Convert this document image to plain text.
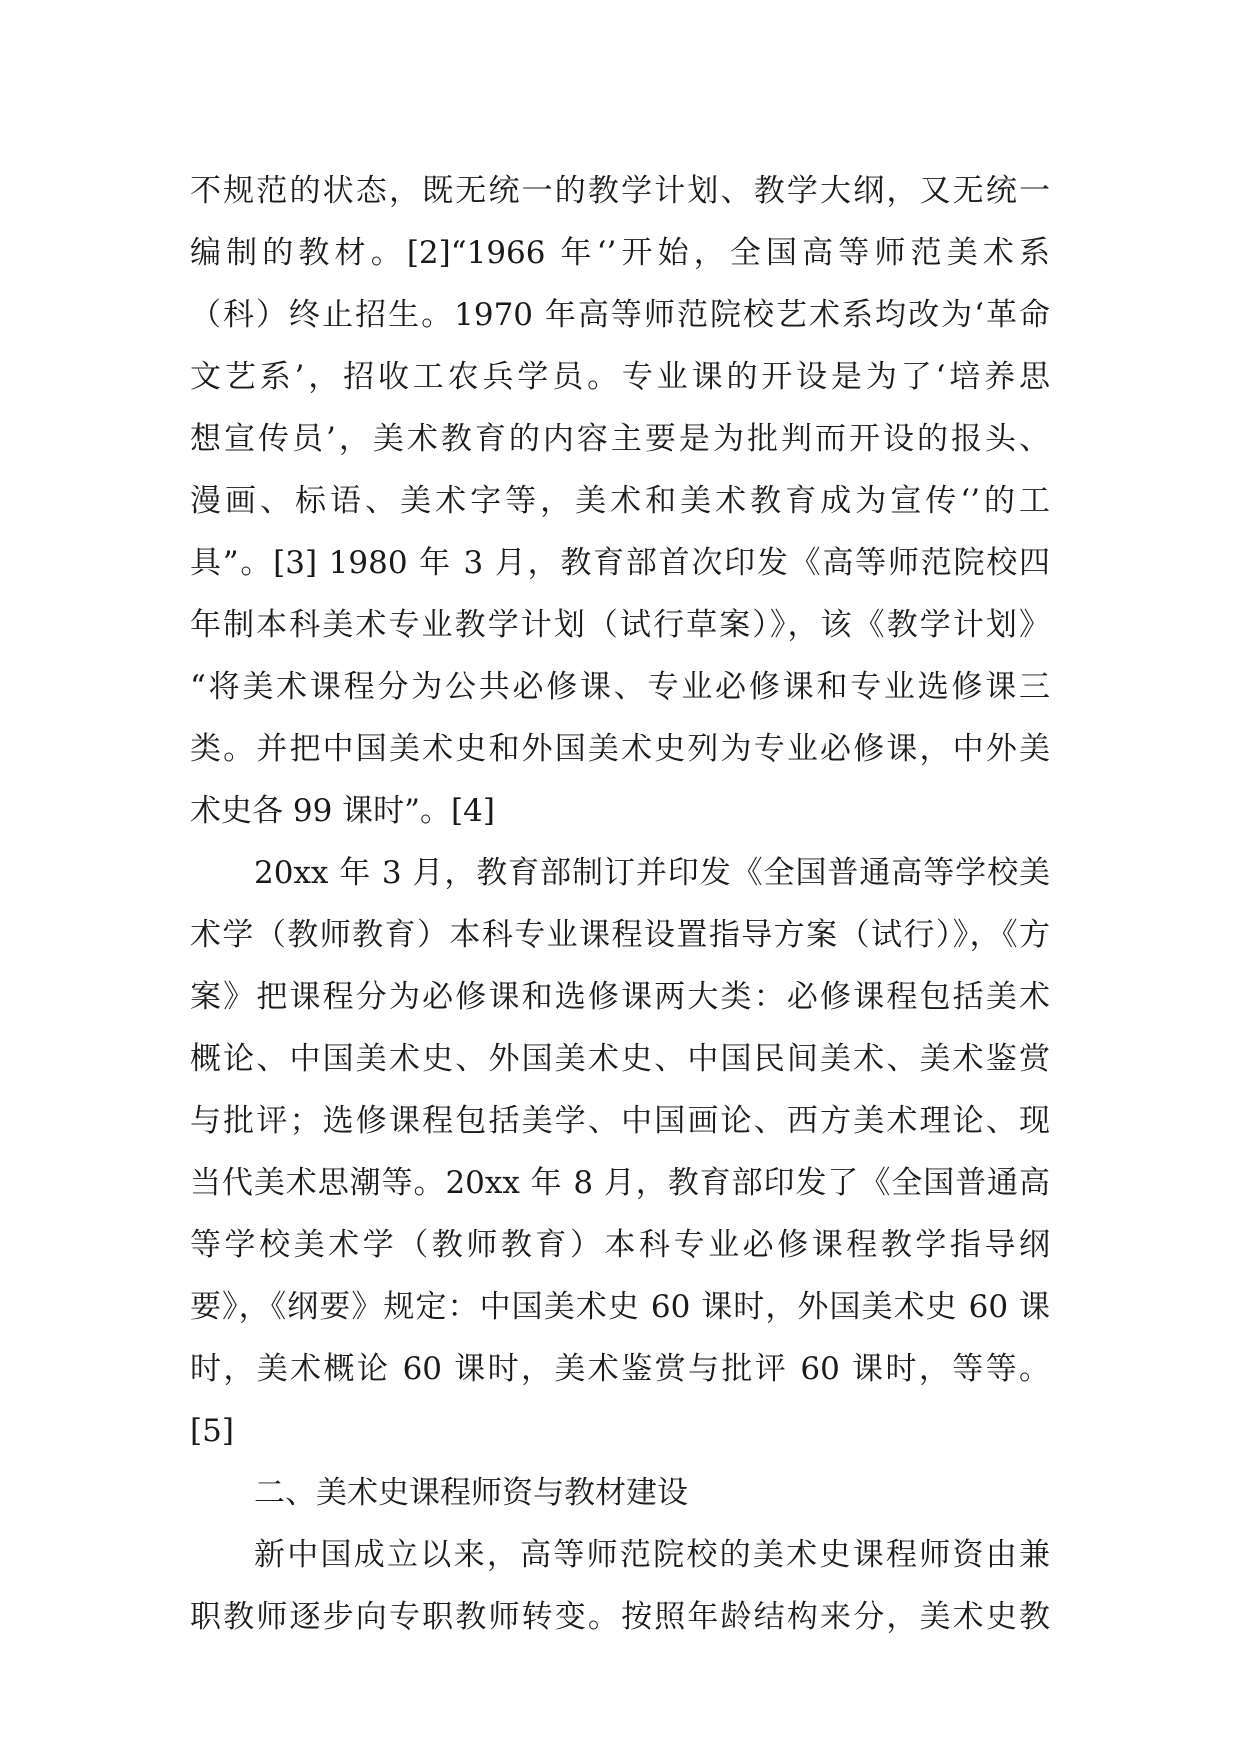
不规范的状态，既无统一的教学计划、教学大纲，又无统一
编制的教材。[2]“1966 年‘’开始，全国高等师范美术系
（科）终止招生。1970 年高等师范院校艺术系均改为‘革命
文艺系’，招收工农兵学员。专业课的开设是为了‘培养思
想宣传员’，美术教育的内容主要是为批判而开设的报头、
漫画、标语、美术字等，美术和美术教育成为宣传‘’的工
具”。[3] 1980 年 3 月，教育部首次印发《高等师范院校四
年制本科美术专业教学计划（试行草案）》，该《教学计划》
“将美术课程分为公共必修课、专业必修课和专业选修课三
类。并把中国美术史和外国美术史列为专业必修课，中外美
术史各 99 课时”。[4]
20xx 年 3 月，教育部制订并印发《全国普通高等学校美
术学（教师教育）本科专业课程设置指导方案（试行）》，《方
案》把课程分为必修课和选修课两大类：必修课程包括美术
概论、中国美术史、外国美术史、中国民间美术、美术鉴赏
与批评；选修课程包括美学、中国画论、西方美术理论、现
当代美术思潮等。20xx 年 8 月，教育部印发了《全国普通高
等学校美术学（教师教育）本科专业必修课程教学指导纲
要》，《纲要》规定：中国美术史 60 课时，外国美术史 60 课
时，美术概论 60 课时，美术鉴赏与批评 60 课时，等等。
[5]
二、美术史课程师资与教材建设
新中国成立以来，高等师范院校的美术史课程师资由兼
职教师逐步向专职教师转变。按照年龄结构来分，美术史教
